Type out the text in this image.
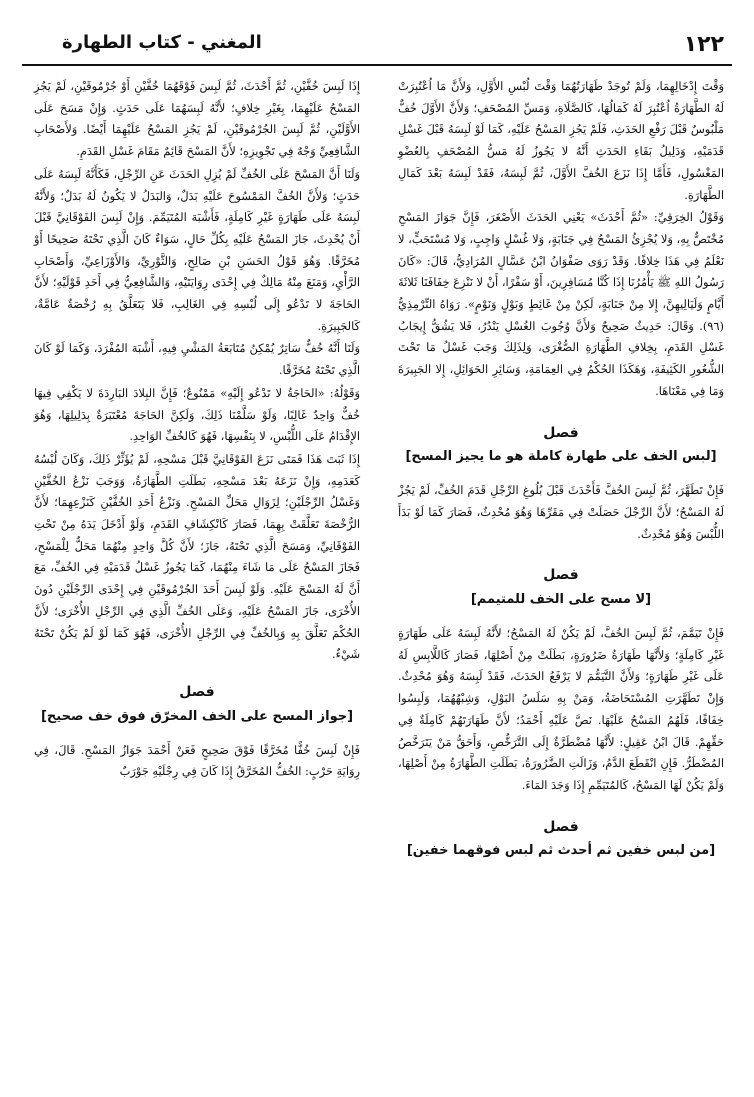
١٢٢
المغني - كتاب الطهارة

وَقْتَ إِدْخَالِهِمَا، وَلَمْ تُوجَدْ طَهَارَتُهُمَا وَقْتَ لُبْسِ الأَوَّلِ، وَلأَنَّ مَا اُعْتُبِرَتْ لَهُ الطَّهَارَةُ اُعْتُبِرَ لَهُ كَمَالُهَا، كَالصَّلَاةِ، وَمَسِّ المُصْحَفِ؛ وَلأَنَّ الأَوَّلَ خُفٌّ مَلْبُوسٌ قَبْلَ رَفْعِ الحَدَثِ، فَلَمْ يَجُزِ المَسْحُ عَلَيْهِ، كَمَا لَوْ لَبِسَهُ قَبْلَ غَسْلِ قَدَمَيْهِ، وَدَلِيلُ بَقَاءِ الحَدَثِ أَنَّهُ لا يَجُوزُ لَهُ مَسُّ المُصْحَفِ بِالعُضْوِ المَغْسُولِ، فَأَمَّا إِذَا نَزَعَ الخُفَّ الأَوَّلَ، ثُمَّ لَبِسَهُ، فَقَدْ لَبِسَهُ بَعْدَ كَمَالِ الطَّهَارَةِ.

وَقَوْلُ الخِرَقِيِّ: «ثُمَّ أَحْدَثَ» يَعْنِي الحَدَثَ الأَصْغَرَ، فَإِنَّ جَوَازَ المَسْحِ مُخْتَصٌّ بِهِ، وَلا يُجْزِئُ المَسْحُ فِي جَنَابَةٍ، وَلا غُسْلٍ وَاجِبٍ، وَلا مُسْتَحَبٍّ، لا نَعْلَمُ فِي هَذَا خِلافًا. وَقَدْ رَوَى صَفْوَانُ ابْنُ عَسَّالٍ المُرَادِيُّ، قَالَ: «كَانَ رَسُولُ اللهِ ﷺ يَأْمُرُنَا إِذَا كُنَّا مُسَافِرِينَ، أَوْ سَفْرًا، أَنْ لا نَنْزِعَ خِفَافَنَا ثَلاثَةَ أَيَّامٍ وَلَيَالِيهِنَّ، إِلا مِنْ جَنَابَةٍ، لَكِنْ مِنْ غَائِطٍ وَبَوْلٍ وَنَوْمٍ». رَوَاهُ التِّرْمِذِيُّ (٩٦). وَقَالَ: حَدِيثٌ صَحِيحٌ وَلأَنَّ وُجُوبَ الغُسْلِ يَنْدُرُ، فَلا يَشُقُّ إِيجَابُ غَسْلِ القَدَمِ، بِخِلافِ الطَّهَارَةِ الصُّغْرَى، وَلِذَلِكَ وَجَبَ غَسْلُ مَا تَحْتَ الشُّعُورِ الكَثِيفَةِ، وَهَكَذَا الحُكْمُ فِي العِمَامَةِ، وَسَائِرِ الحَوَائِلِ، إِلا الجَبِيرَةَ وَمَا فِي مَعْنَاهَا.

فصل
[لبس الخف على طهارة كاملة هو ما يجيز المسح]

فَإِنْ تَطَهَّرَ، ثُمَّ لَبِسَ الخُفَّ فَأَحْدَثَ قَبْلَ بُلُوغِ الرِّجْلِ قَدَمَ الخُفِّ، لَمْ يَجُزْ لَهُ المَسْحُ؛ لأَنَّ الرِّجْلَ حَصَلَتْ فِي مَقَرِّهَا وَهُوَ مُحْدِثٌ، فَصَارَ كَمَا لَوْ بَدَأَ اللُّبْسَ وَهُوَ مُحْدِثٌ.

فصل
[لا مسح على الخف للمتيمم]

فَإِنْ تَيَمَّمَ، ثُمَّ لَبِسَ الخُفَّ، لَمْ يَكُنْ لَهُ المَسْحُ؛ لأَنَّهُ لَبِسَهُ عَلَى طَهَارَةٍ غَيْرِ كَامِلَةٍ؛ وَلأَنَّهَا طَهَارَةُ ضَرُورَةٍ، بَطَلَتْ مِنْ أَصْلِهَا، فَصَارَ كَاللَّابِسِ لَهُ عَلَى غَيْرِ طَهَارَةٍ؛ وَلأَنَّ التَّيَمُّمَ لا يَرْفَعُ الحَدَثَ، فَقَدْ لَبِسَهُ وَهُوَ مُحْدِثٌ. وَإِنْ تَطَهَّرَتِ المُسْتَحَاضَةُ، وَمَنْ بِهِ سَلَسُ البَوْلِ، وَشِبْهُهُمَا، وَلَبِسُوا خِفَافًا، فَلَهُمُ المَسْحُ عَلَيْهَا. نَصَّ عَلَيْهِ أَحْمَدُ؛ لأَنَّ طَهَارَتَهُمْ كَامِلَةٌ فِي حَقِّهِمْ. قَالَ ابْنُ عَقِيلٍ: لأَنَّهَا مُضْطَرَّةٌ إِلَى التَّرَخُّصِ، وَأَحَقُّ مَنْ يَتَرَخَّصُ المُضْطَرُّ. فَإِنِ انْقَطَعَ الدَّمُ، وَزَالَتِ الضَّرُورَةُ، بَطَلَتِ الطَّهَارَةُ مِنْ أَصْلِهَا، وَلَمْ يَكُنْ لَهَا المَسْحُ، كَالمُتَيَمِّمِ إِذَا وَجَدَ المَاءَ.

فصل
[من لبس خفين ثم أحدث ثم لبس فوقهما خفين]

إِذَا لَبِسَ خُفَّيْنِ، ثُمَّ أَحْدَثَ، ثُمَّ لَبِسَ فَوْقَهُمَا خُفَّيْنِ أَوْ جُرْمُوقَيْنِ، لَمْ يَجُزِ المَسْحُ عَلَيْهِمَا، بِغَيْرِ خِلافٍ؛ لأَنَّهُ لَبِسَهُمَا عَلَى حَدَثٍ. وَإِنْ مَسَحَ عَلَى الأَوَّلَيْنِ، ثُمَّ لَبِسَ الجُرْمُوقَيْنِ، لَمْ يَجُزِ المَسْحُ عَلَيْهِمَا أَيْضًا. وَلأَصْحَابِ الشَّافِعِيِّ وَجْهٌ فِي تَجْوِيزِهِ؛ لأَنَّ المَسْحَ قَائِمٌ مَقَامَ غَسْلِ القَدَمِ.

وَلَنَا أَنَّ المَسْحَ عَلَى الخُفِّ لَمْ يُزِلِ الحَدَثَ عَنِ الرِّجْلِ، فَكَأَنَّهُ لَبِسَهُ عَلَى حَدَثٍ؛ وَلأَنَّ الخُفَّ المَمْسُوحَ عَلَيْهِ بَدَلٌ، وَالبَدَلُ لا يَكُونُ لَهُ بَدَلٌ؛ وَلأَنَّهُ لَبِسَهُ عَلَى طَهَارَةٍ غَيْرِ كَامِلَةٍ، فَأَشْبَهَ المُتَيَمِّمَ. وَإِنْ لَبِسَ الفَوْقَانِيَّ قَبْلَ أَنْ يُحْدِثَ، جَازَ المَسْحُ عَلَيْهِ بِكُلِّ حَالٍ، سَوَاءٌ كَانَ الَّذِي تَحْتَهُ صَحِيحًا أَوْ مُخَرَّقًا. وَهُوَ قَوْلُ الحَسَنِ بْنِ صَالِحٍ، وَالثَّوْرِيِّ، وَالأَوْزَاعِيِّ، وَأَصْحَابِ الرَّأْيِ، وَمَنَعَ مِنْهُ مَالِكٌ فِي إِحْدَى رِوَايَتَيْهِ، وَالشَّافِعِيُّ فِي أَحَدِ قَوْلَيْهِ؛ لأَنَّ الحَاجَةَ لا تَدْعُو إِلَى لُبْسِهِ فِي الغَالِبِ، فَلا يَتَعَلَّقُ بِهِ رُخْصَةٌ عَامَّةٌ، كَالجَبِيرَةِ.

وَلَنَا أَنَّهُ خُفٌّ سَاتِرٌ يُمْكِنُ مُتَابَعَةُ المَشْيِ فِيهِ، أَشْبَهَ المُفْرَدَ، وَكَمَا لَوْ كَانَ الَّذِي تَحْتَهُ مُخَرَّقًا.

وَقَوْلُهُ: «الحَاجَةُ لا تَدْعُو إِلَيْهِ» مَمْنُوعٌ؛ فَإِنَّ البِلادَ البَارِدَةَ لا يَكْفِي فِيهَا خُفٌّ وَاحِدٌ غَالِبًا، وَلَوْ سَلَّمْنَا ذَلِكَ، وَلَكِنَّ الحَاجَةَ مُعْتَبَرَةٌ بِدَلِيلِهَا، وَهُوَ الإِقْدَامُ عَلَى اللُّبْسِ، لا بِنَفْسِهَا، فَهُوَ كَالخُفِّ الوَاحِدِ.

إِذَا ثَبَتَ هَذَا فَمَتَى نَزَعَ الفَوْقَانِيَّ قَبْلَ مَسْحِهِ، لَمْ يُؤَثِّرْ ذَلِكَ، وَكَانَ لُبْسُهُ كَعَدَمِهِ، وَإِنْ نَزَعَهُ بَعْدَ مَسْحِهِ، بَطَلَتِ الطَّهَارَةُ، وَوَجَبَ نَزْعُ الخُفَّيْنِ وَغَسْلُ الرِّجْلَيْنِ؛ لِزَوَالِ مَحَلِّ المَسْحِ. وَنَزْعُ أَحَدِ الخُفَّيْنِ كَنَزْعِهِمَا؛ لأَنَّ الرُّخْصَةَ تَعَلَّقَتْ بِهِمَا، فَصَارَ كَانْكِشَافِ القَدَمِ، وَلَوْ أَدْخَلَ يَدَهُ مِنْ تَحْتِ الفَوْقَانِيِّ، وَمَسَحَ الَّذِي تَحْتَهُ، جَازَ؛ لأَنَّ كُلَّ وَاحِدٍ مِنْهُمَا مَحَلٌّ لِلْمَسْحِ، فَجَازَ المَسْحُ عَلَى مَا شَاءَ مِنْهُمَا، كَمَا يَجُوزُ غَسْلُ قَدَمَيْهِ فِي الخُفِّ، مَعَ أَنَّ لَهُ المَسْحَ عَلَيْهِ. وَلَوْ لَبِسَ أَحَدَ الجُرْمُوقَيْنِ فِي إِحْدَى الرِّجْلَيْنِ دُونَ الأُخْرَى، جَازَ المَسْحُ عَلَيْهِ، وَعَلَى الخُفِّ الَّذِي فِي الرِّجْلِ الأُخْرَى؛ لأَنَّ الحُكْمَ تَعَلَّقَ بِهِ وَبِالخُفِّ فِي الرِّجْلِ الأُخْرَى، فَهُوَ كَمَا لَوْ لَمْ يَكُنْ تَحْتَهُ شَيْءٌ.

فصل
[جواز المسح على الخف المخرّق فوق خف صحيح]

فَإِنْ لَبِسَ خُفًّا مُخَرَّقًا فَوْقَ صَحِيحٍ فَعَنْ أَحْمَدَ جَوَازُ المَسْحِ. قَالَ، فِي رِوَايَةِ حَرْبٍ: الخُفُّ المُخَرَّقُ إِذَا كَانَ فِي رِجْلَيْهِ جَوْرَبٌ
